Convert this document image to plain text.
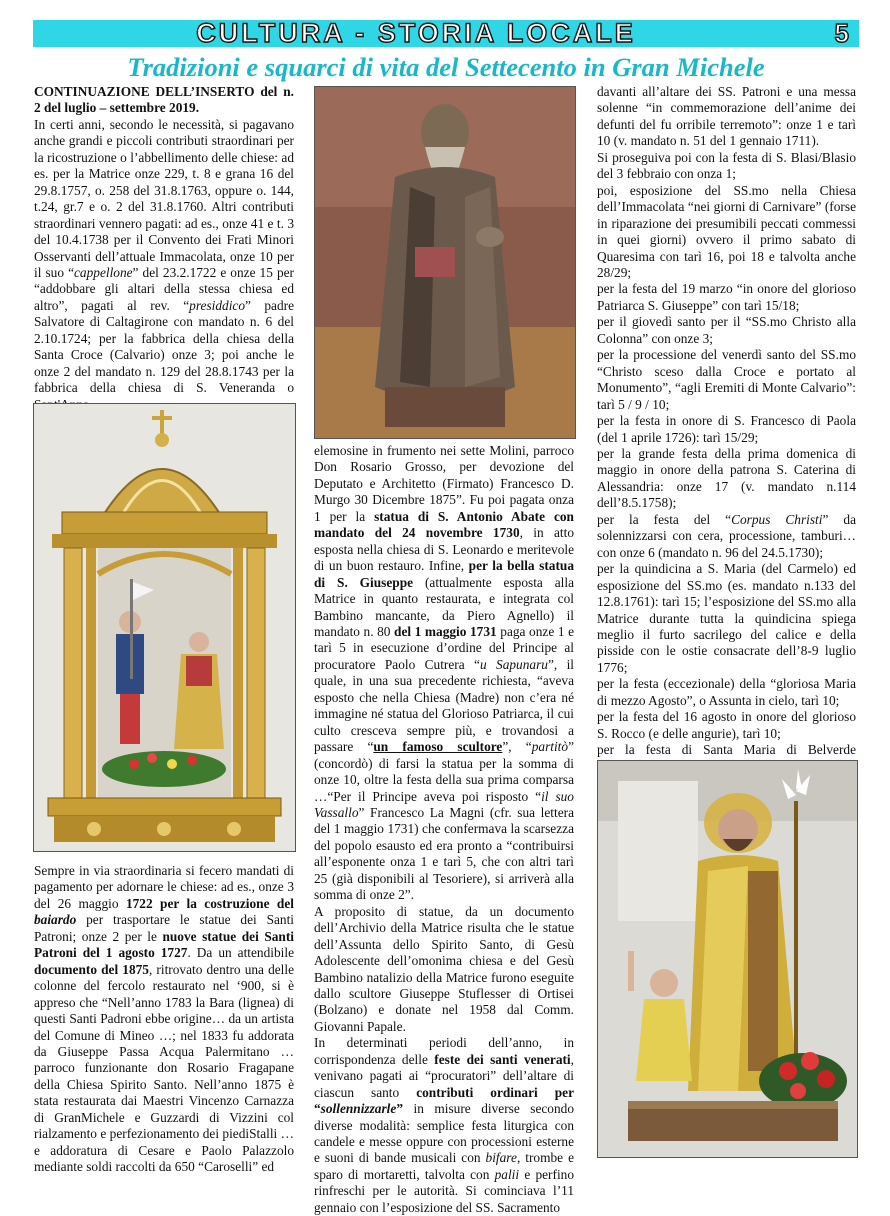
CULTURA - STORIA LOCALE	5
Tradizioni e squarci di vita del Settecento in Gran Michele

CONTINUAZIONE DELL’INSERTO del n. 2 del luglio – settembre 2019.

In certi anni, secondo le necessità, si pagavano anche grandi e piccoli contributi straordinari per la ricostruzione o l’abbellimento delle chiese: ad es. per la Matrice onze 229, t. 8 e grana 16 del 29.8.1757, o. 258 del 31.8.1763, oppure o. 144, t.24, gr.7 e o. 2 del 31.8.1760. Altri contributi straordinari vennero pagati: ad es., onze 41 e t. 3 del 10.4.1738 per il Convento dei Frati Minori Osservanti dell’attuale Immacolata, onze 10 per il suo “cappellone” del 23.2.1722 e onze 15 per “addobbare gli altari della stessa chiesa ed altro”, pagati al rev. “presiddico” padre Salvatore di Caltagirone con mandato n. 6 del 2.10.1724; per la fabbrica della chiesa della Santa Croce (Calvario) onze 3; poi anche le onze 2 del mandato n. 129 del 28.8.1743 per la fabbrica della chiesa di S. Veneranda o

Sempre in via straordinaria si fecero mandati di pagamento per adornare le chiese: ad es., onze 3 del 26 maggio 1722 per la costruzione del baiardo per trasportare le statue dei Santi Patroni; onze 2 per le nuove statue dei Santi Patroni del 1 agosto 1727. Da un attendibile documento del 1875, ritrovato dentro una delle colonne del fercolo restaurato nel ‘900, si è appreso che “Nell’anno 1783 la Bara (lignea) di questi Santi Padroni ebbe origine… da un artista del Comune di Mineo …; nel 1833 fu addorata da Giuseppe Passa Acqua Palermitano … parroco funzionante don Rosario Fragapane della Chiesa Spirito Santo. Nell’anno 1875 è stata restaurata dai Maestri Vincenzo Carnazza di GranMichele e Guzzardi di Vizzini col rialzamento e perfezionamento dei piediStalli … e addoratura di Cesare e Paolo Palazzolo mediante soldi raccolti da 650 “Caroselli” ed

elemosine in frumento nei sette Molini, parroco Don Rosario Grosso, per devozione del Deputato e Architetto (Firmato) Francesco D. Murgo 30 Dicembre 1875”. Fu poi pagata onza 1 per la statua di S. Antonio Abate con mandato del 24 novembre 1730, in atto esposta nella chiesa di S. Leonardo e meritevole di un buon restauro. Infine, per la bella statua di S. Giuseppe (attualmente esposta alla Matrice in quanto restaurata, e integrata col Bambino mancante, da Piero Agnello) il mandato n. 80 del 1 maggio 1731 paga onze 1 e tarì 5 in esecuzione d’ordine del Principe al procuratore Paolo Cutrera “u Sapunaru”, il quale, in una sua precedente richiesta, “aveva esposto che nella Chiesa (Madre) non c’era né immagine né statua del Glorioso Patriarca, il cui culto cresceva sempre più, e trovandosi a passare “un famoso scultore”, “partitò” (concordò) di farsi la statua per la somma di onze 10, oltre la festa della sua prima comparsa …“Per il Principe aveva poi risposto “il suo Vassallo” Francesco La Magni (cfr. sua lettera del 1 maggio 1731) che confermava la scarsezza del popolo esausto ed era pronto a “contribuirsi all’esponente onza 1 e tarì 5, che con altri tarì 25 (già disponibili al Tesoriere), si arriverà alla somma di onze 2”.

A proposito di statue, da un documento dell’Archivio della Matrice risulta che le statue dell’Assunta dello Spirito Santo, di Gesù Adolescente dell’omonima chiesa e del Gesù Bambino natalizio della Matrice furono eseguite dallo scultore Giuseppe Stuflesser di Ortisei (Bolzano) e donate nel 1958 dal Comm. Giovanni Papale.

In determinati periodi dell’anno, in corrispondenza delle feste dei santi venerati, venivano pagati ai “procuratori” dell’altare di ciascun santo contributi ordinari per “sollennizzarle” in misure diverse secondo diverse modalità: semplice festa liturgica con candele e messe oppure con processioni esterne e suoni di bande musicali con bifare, trombe e sparo di mortaretti, talvolta con palii e perfino rinfreschi per le autorità. Si cominciava l’11 gennaio con l’esposizione del SS. Sacramento

davanti all’altare dei SS. Patroni e una messa solenne “in commemorazione dell’anime dei defunti del fu orribile terremoto”: onze 1 e tarì 10 (v. mandato n. 51 del 1 gennaio 1711).

Si proseguiva poi con la festa di S. Blasi/Blasio del 3 febbraio con onza 1;

poi, esposizione del SS.mo nella Chiesa dell’Immacolata “nei giorni di Carnivare” (forse in riparazione dei presumibili peccati commessi in quei giorni) ovvero il primo sabato di Quaresima con tarì 16, poi 18 e talvolta anche 28/29;

per la festa del 19 marzo “in onore del glorioso Patriarca S. Giuseppe” con tarì 15/18;

per il giovedì santo per il “SS.mo Christo alla Colonna” con onze 3;

per la processione del venerdì santo del SS.mo “Christo sceso dalla Croce e portato al Monumento”, “agli Eremiti di Monte Calvario”: tarì 5 / 9 / 10;

per la festa in onore di S. Francesco di Paola (del 1 aprile 1726): tarì 15/29;

per la grande festa della prima domenica di maggio in onore della patrona S. Caterina di Alessandria: onze 17 (v. mandato n.114 dell’8.5.1758);

per la festa del “Corpus Christi” da solennizzarsi con cera, processione, tamburi… con onze 6 (mandato n. 96 del 24.5.1730);

per la quindicina a S. Maria (del Carmelo) ed esposizione del SS.mo (es. mandato n.133 del 12.8.1761): tarì 15; l’esposizione del SS.mo alla Matrice durante tutta la quindicina spiega meglio il furto sacrilego del calice e della pisside con le ostie consacrate dell’8-9 luglio 1776;

per la festa (eccezionale) della “gloriosa Maria di mezzo Agosto”, o Assunta in cielo, tarì 10;

per la festa del 16 agosto in onore del glorioso S. Rocco (e delle angurie), tarì 10;

per la festa di Santa Maria di Belverde
